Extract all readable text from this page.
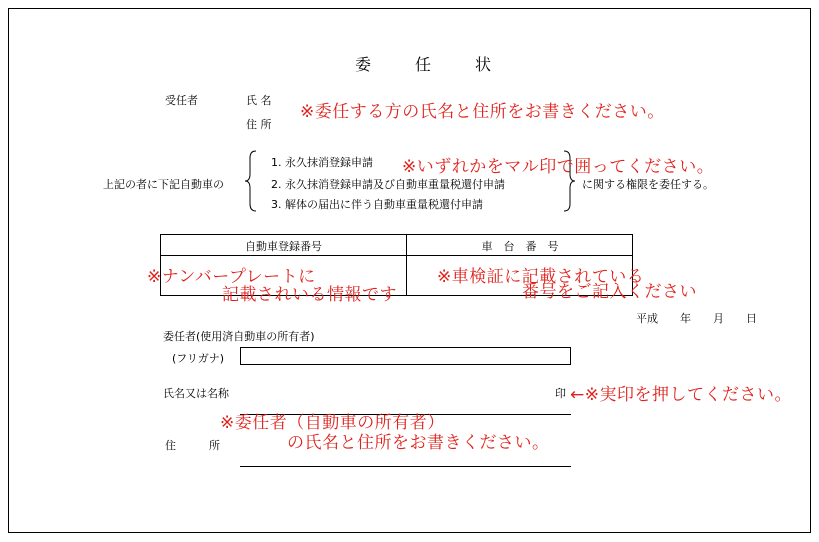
委　任　状
受任者	氏 名
住 所
※委任する方の氏名と住所をお書きください。
上記の者に下記自動車の
1. 永久抹消登録申請
2. 永久抹消登録申請及び自動車重量税還付申請
3. 解体の届出に伴う自動車重量税還付申請
に関する権限を委任する。
※いずれかをマル印で囲ってください。
自動車登録番号	車　台　番　号
※ナンバープレートに
記載されいる情報です
※車検証に記載されている
番号をご記入ください
平成　　年　　月　　日
委任者(使用済自動車の所有者)
(フリガナ)
氏名又は名称	印 ←※実印を押してください。
※委任者（自動車の所有者）
の氏名と住所をお書きください。
住　　　所
